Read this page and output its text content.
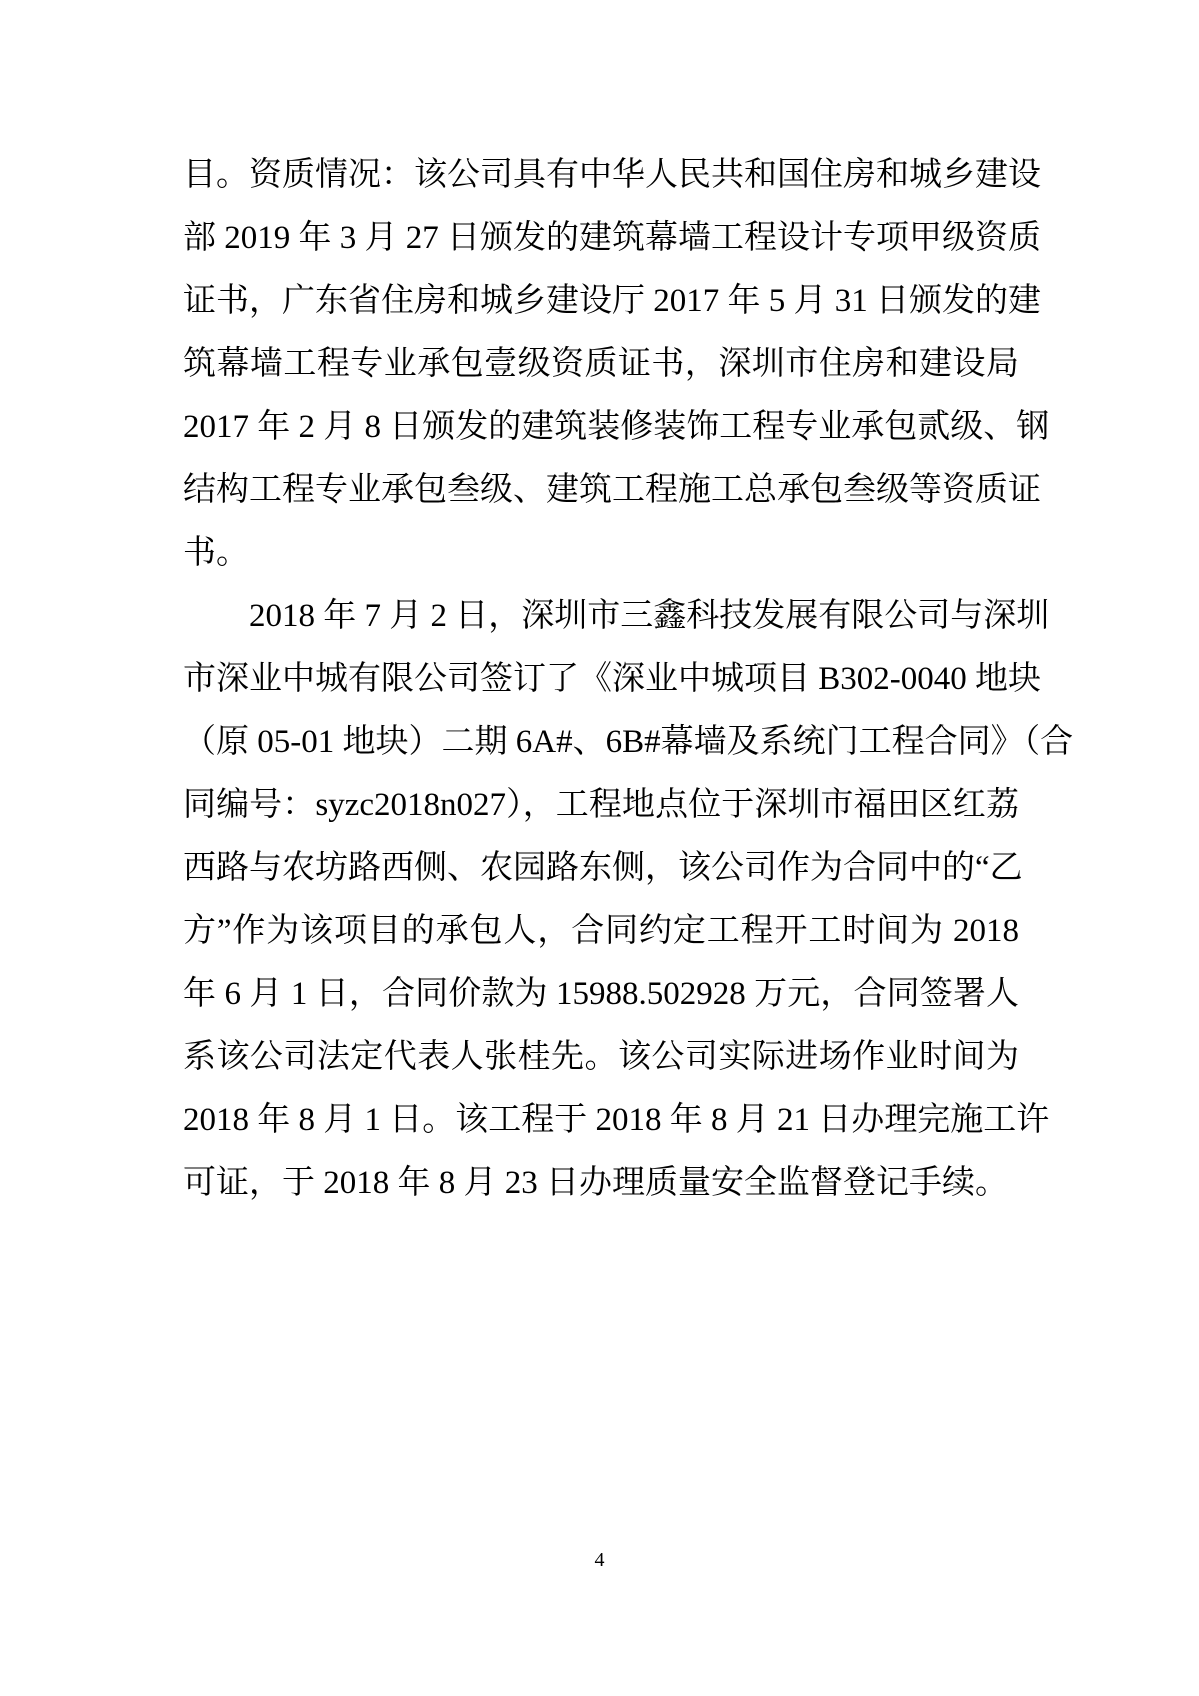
目。资质情况：该公司具有中华人民共和国住房和城乡建设
部 2019 年 3 月 27 日颁发的建筑幕墙工程设计专项甲级资质
证书，广东省住房和城乡建设厅 2017 年 5 月 31 日颁发的建
筑幕墙工程专业承包壹级资质证书，深圳市住房和建设局
2017 年 2 月 8 日颁发的建筑装修装饰工程专业承包贰级、钢
结构工程专业承包叁级、建筑工程施工总承包叁级等资质证
书。
2018 年 7 月 2 日，深圳市三鑫科技发展有限公司与深圳
市深业中城有限公司签订了《深业中城项目 B302-0040 地块
（原 05-01 地块）二期 6A#、6B#幕墙及系统门工程合同》（合
同编号：syzc2018n027），工程地点位于深圳市福田区红荔
西路与农坊路西侧、农园路东侧，该公司作为合同中的“乙
方”作为该项目的承包人，合同约定工程开工时间为 2018
年 6 月 1 日，合同价款为 15988.502928 万元，合同签署人
系该公司法定代表人张桂先。该公司实际进场作业时间为
2018 年 8 月 1 日。该工程于 2018 年 8 月 21 日办理完施工许
可证，于 2018 年 8 月 23 日办理质量安全监督登记手续。
4
